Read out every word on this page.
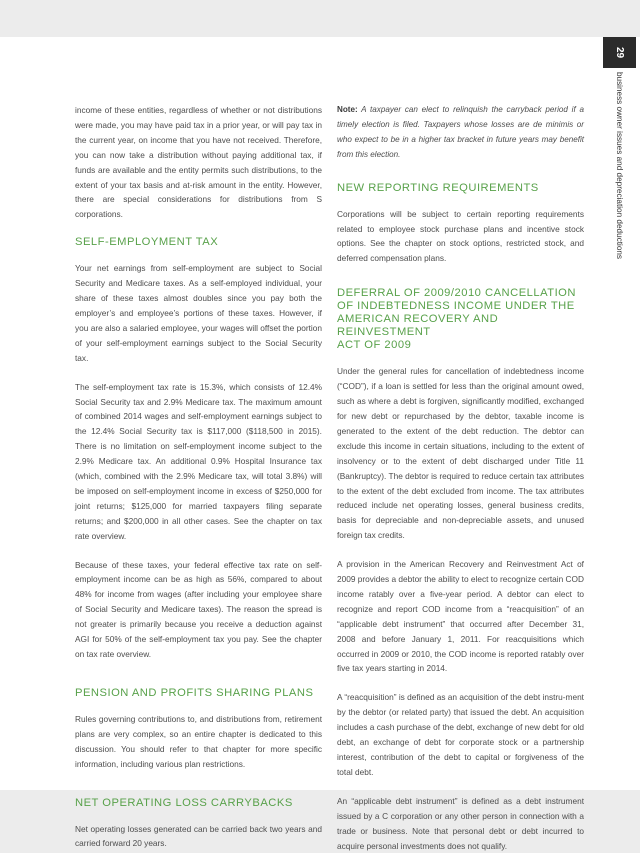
29
business owner issues and depreciation deductions

income of these entities, regardless of whether or not distributions were made, you may have paid tax in a prior year, or will pay tax in the current year, on income that you have not received. Therefore, you can now take a distribution without paying additional tax, if funds are available and the entity permits such distributions, to the extent of your tax basis and at-risk amount in the entity. However, there are special considerations for distributions from S corporations.

SELF-EMPLOYMENT TAX

Your net earnings from self-employment are subject to Social Security and Medicare taxes. As a self-employed individual, your share of these taxes almost doubles since you pay both the employer’s and employee’s portions of these taxes. However, if you are also a salaried employee, your wages will offset the portion of your self-employment earnings subject to the Social Security tax.

The self-employment tax rate is 15.3%, which consists of 12.4% Social Security tax and 2.9% Medicare tax. The maximum amount of combined 2014 wages and self-employment earnings subject to the 12.4% Social Security tax is $117,000 ($118,500 in 2015). There is no limitation on self-employment income subject to the 2.9% Medicare tax. An additional 0.9% Hospital Insurance tax (which, combined with the 2.9% Medicare tax, will total 3.8%) will be imposed on self-employment income in excess of $250,000 for joint returns; $125,000 for married taxpayers filing separate returns; and $200,000 in all other cases. See the chapter on tax rate overview.

Because of these taxes, your federal effective tax rate on self-employment income can be as high as 56%, compared to about 48% for income from wages (after including your employee share of Social Security and Medicare taxes). The reason the spread is not greater is primarily because you receive a deduction against AGI for 50% of the self-employment tax you pay. See the chapter on tax rate overview.

PENSION AND PROFITS SHARING PLANS

Rules governing contributions to, and distributions from, retirement plans are very complex, so an entire chapter is dedicated to this discussion. You should refer to that chapter for more specific information, including various plan restrictions.

NET OPERATING LOSS CARRYBACKS

Net operating losses generated can be carried back two years and carried forward 20 years.

Note: A taxpayer can elect to relinquish the carryback period if a timely election is filed. Taxpayers whose losses are de minimis or who expect to be in a higher tax bracket in future years may benefit from this election.
NEW REPORTING REQUIREMENTS

Corporations will be subject to certain reporting requirements related to employee stock purchase plans and incentive stock options. See the chapter on stock options, restricted stock, and deferred compensation plans.

DEFERRAL OF 2009/2010 CANCELLATION
OF INDEBTEDNESS INCOME UNDER THE
AMERICAN RECOVERY AND REINVESTMENT
ACT OF 2009

Under the general rules for cancellation of indebtedness income (“COD”), if a loan is settled for less than the original amount owed, such as where a debt is forgiven, significantly modified, exchanged for new debt or repurchased by the debtor, taxable income is generated to the extent of the debt reduction. The debtor can exclude this income in certain situations, including to the extent of insolvency or to the extent of debt discharged under Title 11 (Bankruptcy). The debtor is required to reduce certain tax attributes to the extent of the debt excluded from income. The tax attributes reduced include net operating losses, general business credits, basis for depreciable and non-depreciable assets, and unused foreign tax credits.

A provision in the American Recovery and Reinvestment Act of 2009 provides a debtor the ability to elect to recognize certain COD income ratably over a five-year period. A debtor can elect to recognize and report COD income from a “reacquisition” of an “applicable debt instrument” that occurred after December 31, 2008 and before January 1, 2011. For reacquisitions which occurred in 2009 or 2010, the COD income is reported ratably over five tax years starting in 2014.

A “reacquisition” is defined as an acquisition of the debt instru-ment by the debtor (or related party) that issued the debt. An acquisition includes a cash purchase of the debt, exchange of new debt for old debt, an exchange of debt for corporate stock or a partnership interest, contribution of the debt to capital or forgiveness of the total debt.

An “applicable debt instrument” is defined as a debt instrument issued by a C corporation or any other person in connection with a trade or business. Note that personal debt or debt incurred to acquire personal investments does not qualify.
